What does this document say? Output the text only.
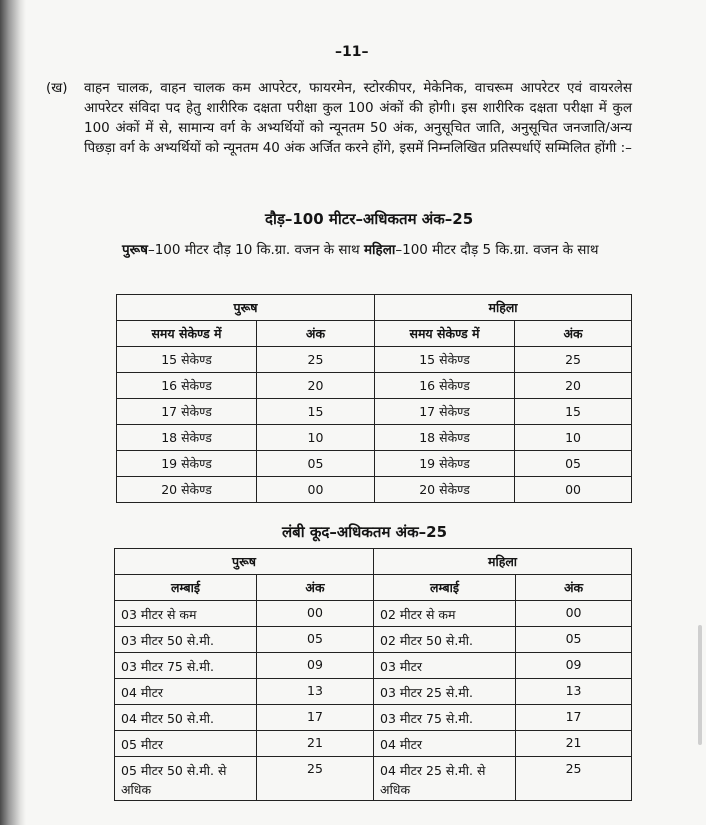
–11–
(ख) वाहन चालक, वाहन चालक कम आपरेटर, फायरमेन, स्टोरकीपर, मेकेनिक, वाचरूम आपरेटर एवं वायरलेस आपरेटर संविदा पद हेतु शारीरिक दक्षता परीक्षा कुल 100 अंकों की होगी। इस शारीरिक दक्षता परीक्षा में कुल 100 अंकों में से, सामान्य वर्ग के अभ्यर्थियों को न्यूनतम 50 अंक, अनुसूचित जाति, अनुसूचित जनजाति/अन्य पिछड़ा वर्ग के अभ्यर्थियों को न्यूनतम 40 अंक अर्जित करने होंगे, इसमें निम्नलिखित प्रतिस्पर्धाऐं सम्मिलित होंगी :–

दौड़–100 मीटर–अधिकतम अंक–25
पुरूष–100 मीटर दौड़ 10 कि.ग्रा. वजन के साथ महिला–100 मीटर दौड़ 5 कि.ग्रा. वजन के साथ
पुरूष		महिला	
समय सेकेण्ड में	अंक	समय सेकेण्ड में	अंक
15 सेकेण्ड	25	15 सेकेण्ड	25
16 सेकेण्ड	20	16 सेकेण्ड	20
17 सेकेण्ड	15	17 सेकेण्ड	15
18 सेकेण्ड	10	18 सेकेण्ड	10
19 सेकेण्ड	05	19 सेकेण्ड	05
20 सेकेण्ड	00	20 सेकेण्ड	00
लंबी कूद–अधिकतम अंक–25
पुरूष		महिला	
लम्बाई	अंक	लम्बाई	अंक
03 मीटर से कम	00	02 मीटर से कम	00
03 मीटर 50 से.मी.	05	02 मीटर 50 से.मी.	05
03 मीटर 75 से.मी.	09	03 मीटर	09
04 मीटर	13	03 मीटर 25 से.मी.	13
04 मीटर 50 से.मी.	17	03 मीटर 75 से.मी.	17
05 मीटर	21	04 मीटर	21
05 मीटर 50 से.मी. से अधिक	25	04 मीटर 25 से.मी. से अधिक	25
